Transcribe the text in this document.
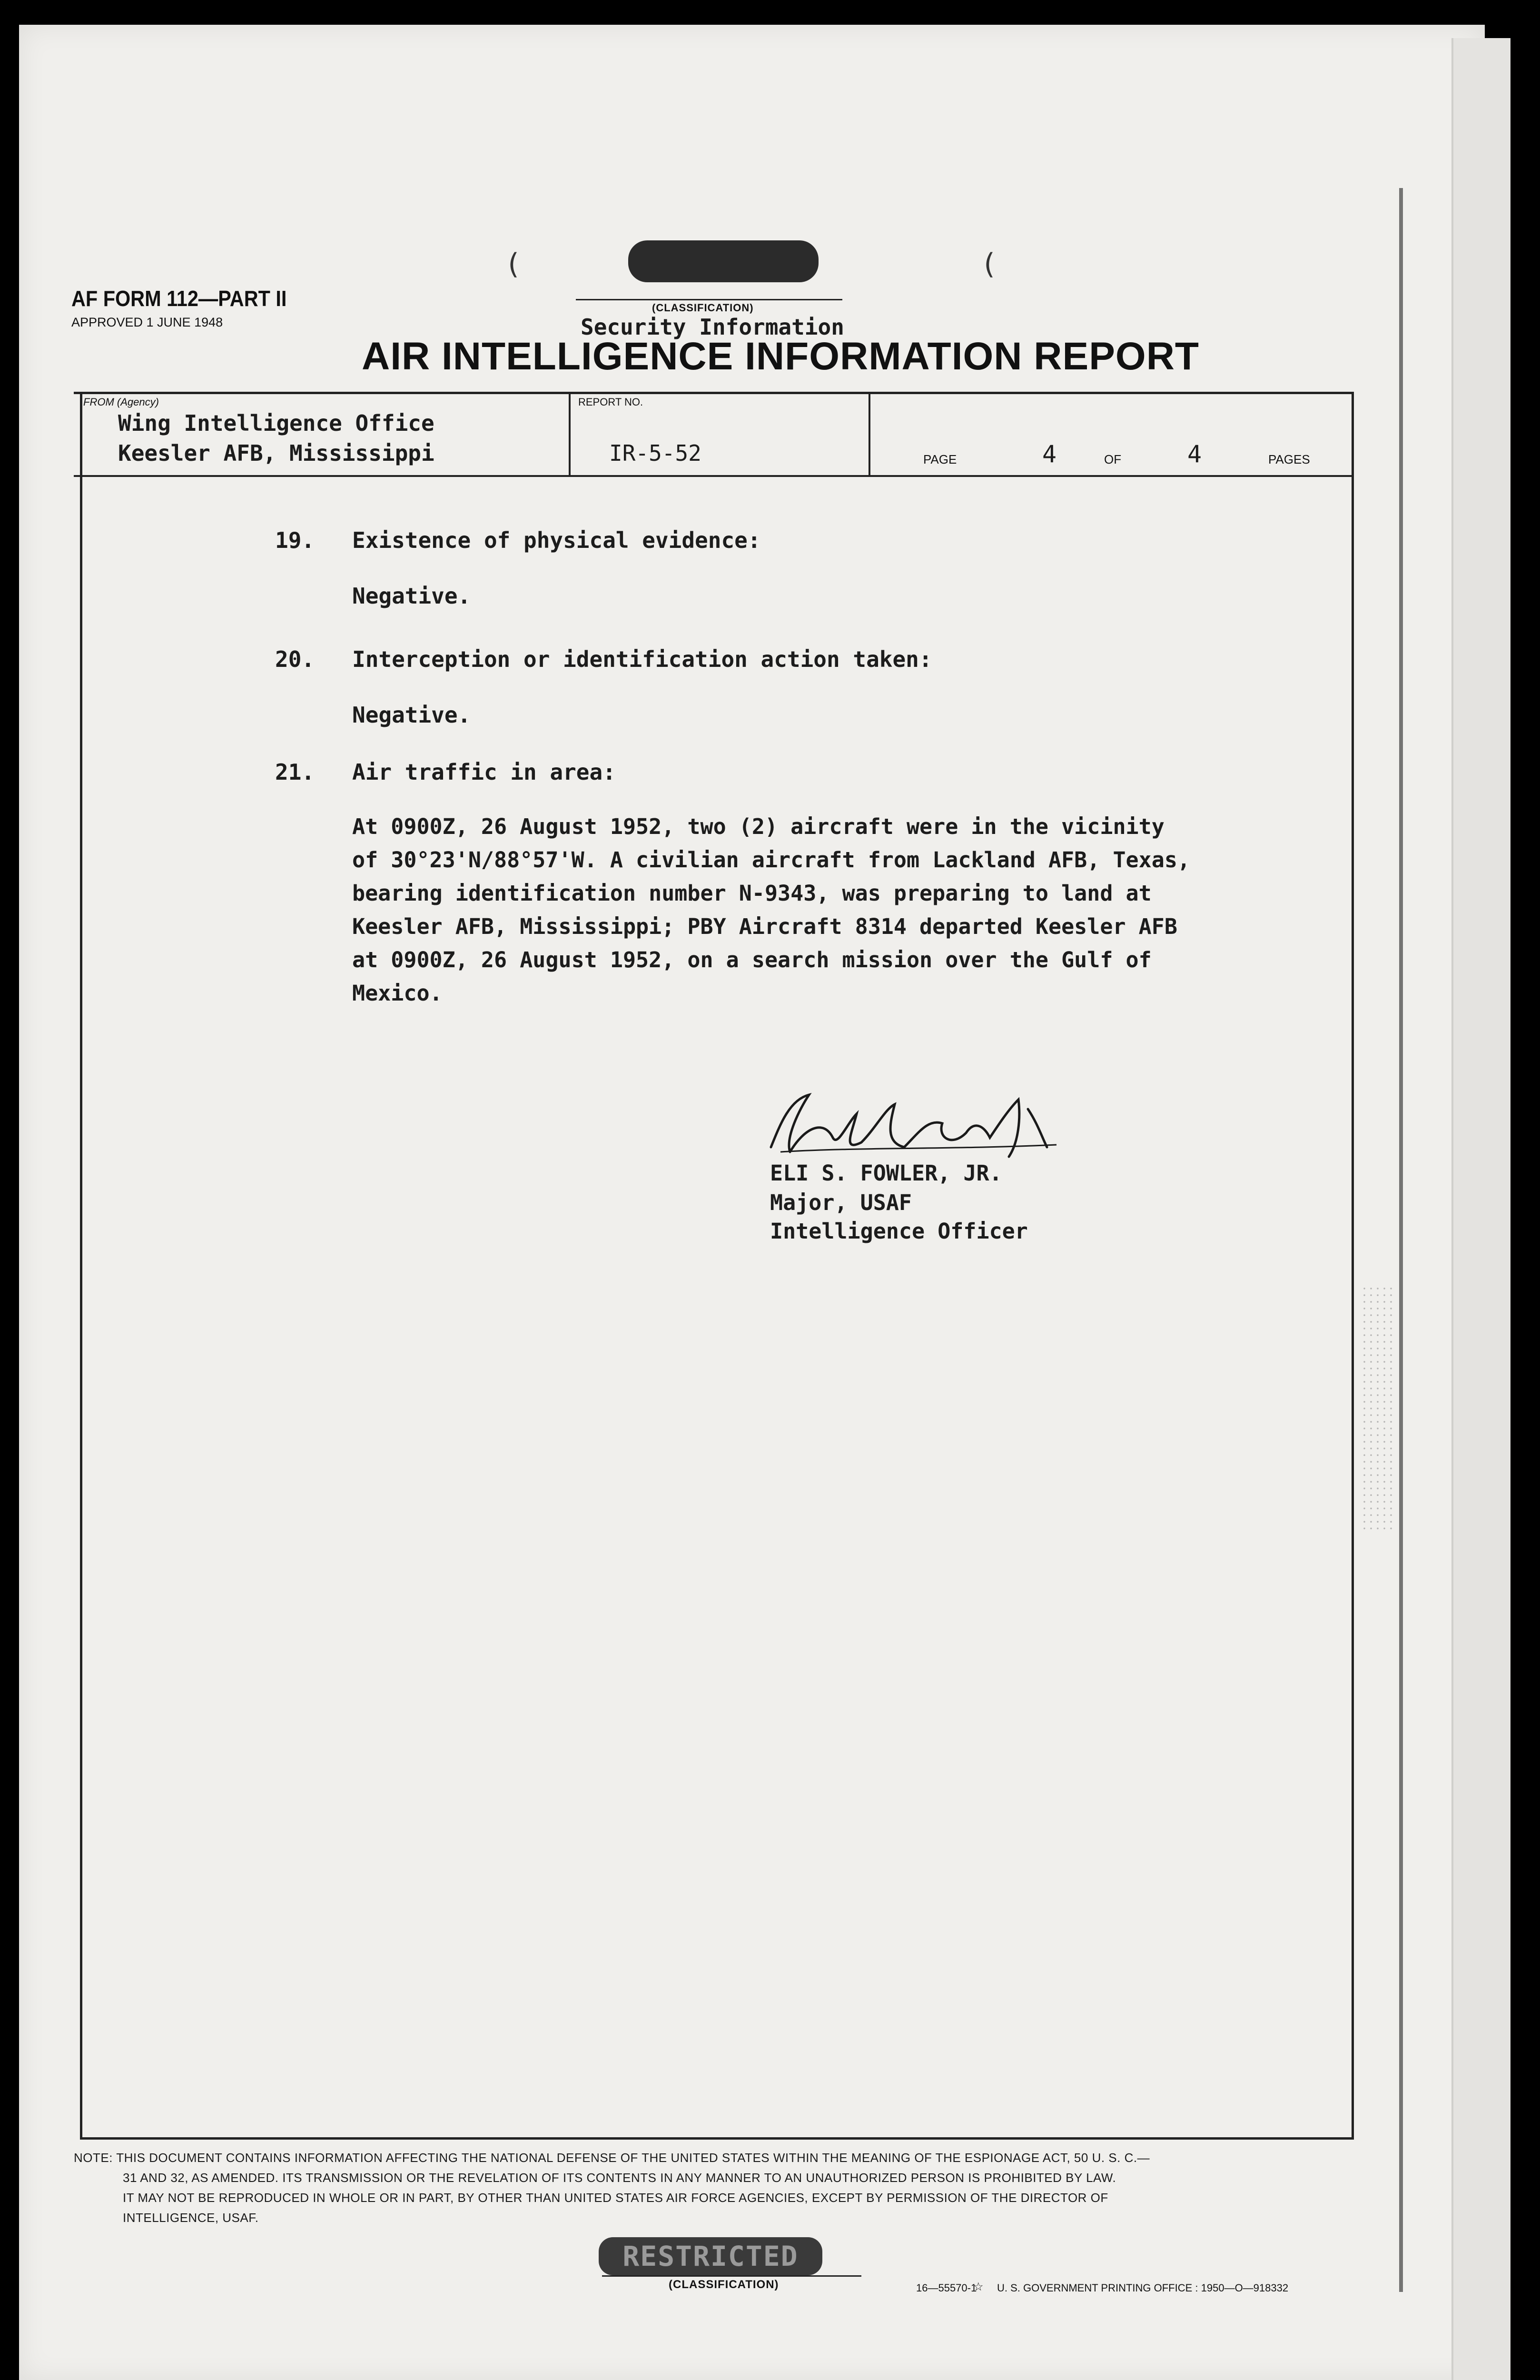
(	(
(CLASSIFICATION)
Security Information
AF FORM 112—PART II
APPROVED 1 JUNE 1948
AIR INTELLIGENCE INFORMATION REPORT
FROM (Agency)
Wing Intelligence Office
Keesler AFB, Mississippi
REPORT NO.
IR-5-52	PAGE	4	OF	4	PAGES
19. Existence of physical evidence:
Negative.
20. Interception or identification action taken:
Negative.
21. Air traffic in area:
At 0900Z, 26 August 1952, two (2) aircraft were in the vicinity
of 30°23'N/88°57'W. A civilian aircraft from Lackland AFB, Texas,
bearing identification number N-9343, was preparing to land at
Keesler AFB, Mississippi; PBY Aircraft 8314 departed Keesler AFB
at 0900Z, 26 August 1952, on a search mission over the Gulf of
Mexico.
ELI S. FOWLER, JR.
Major, USAF
Intelligence Officer
NOTE: THIS DOCUMENT CONTAINS INFORMATION AFFECTING THE NATIONAL DEFENSE OF THE UNITED STATES WITHIN THE MEANING OF THE ESPIONAGE ACT, 50 U. S. C.—
31 AND 32, AS AMENDED. ITS TRANSMISSION OR THE REVELATION OF ITS CONTENTS IN ANY MANNER TO AN UNAUTHORIZED PERSON IS PROHIBITED BY LAW.
IT MAY NOT BE REPRODUCED IN WHOLE OR IN PART, BY OTHER THAN UNITED STATES AIR FORCE AGENCIES, EXCEPT BY PERMISSION OF THE DIRECTOR OF
INTELLIGENCE, USAF.
RESTRICTED
(CLASSIFICATION)	16—55570-1
☆ U. S. GOVERNMENT PRINTING OFFICE : 1950—O—918332
